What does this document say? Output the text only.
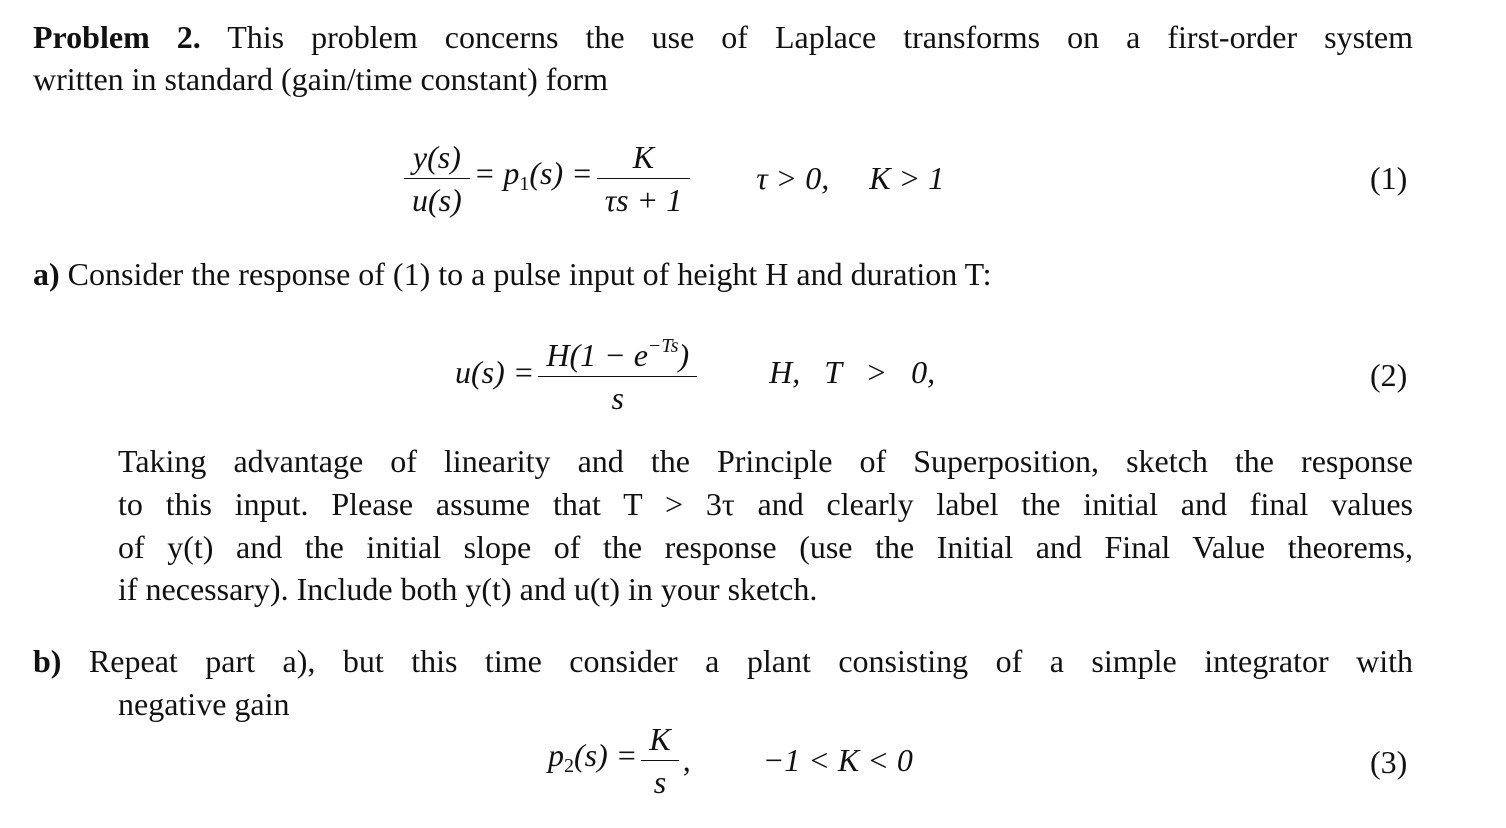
Problem 2. This problem concerns the use of Laplace transforms on a first-order system
written in standard (gain/time constant) form
$\frac{y(s)}{u(s)} = p_1(s) = \frac{K}{\tau s + 1}$ τ > 0, K > 1	(1)
a) Consider the response of (1) to a pulse input of height H and duration T:
$u(s) = \frac{H(1 - e^{-Ts})}{s} H$,   T   >   0,	(2)
Taking advantage of linearity and the Principle of Superposition, sketch the response
to this input. Please assume that T > 3τ and clearly label the initial and final values
of y(t) and the initial slope of the response (use the Initial and Final Value theorems,
if necessary). Include both y(t) and u(t) in your sketch.
b) Repeat part a), but this time consider a plant consisting of a simple integrator with
negative gain
$p_2(s) = \frac{K}{s}$ , −1 < K < 0	(3)
